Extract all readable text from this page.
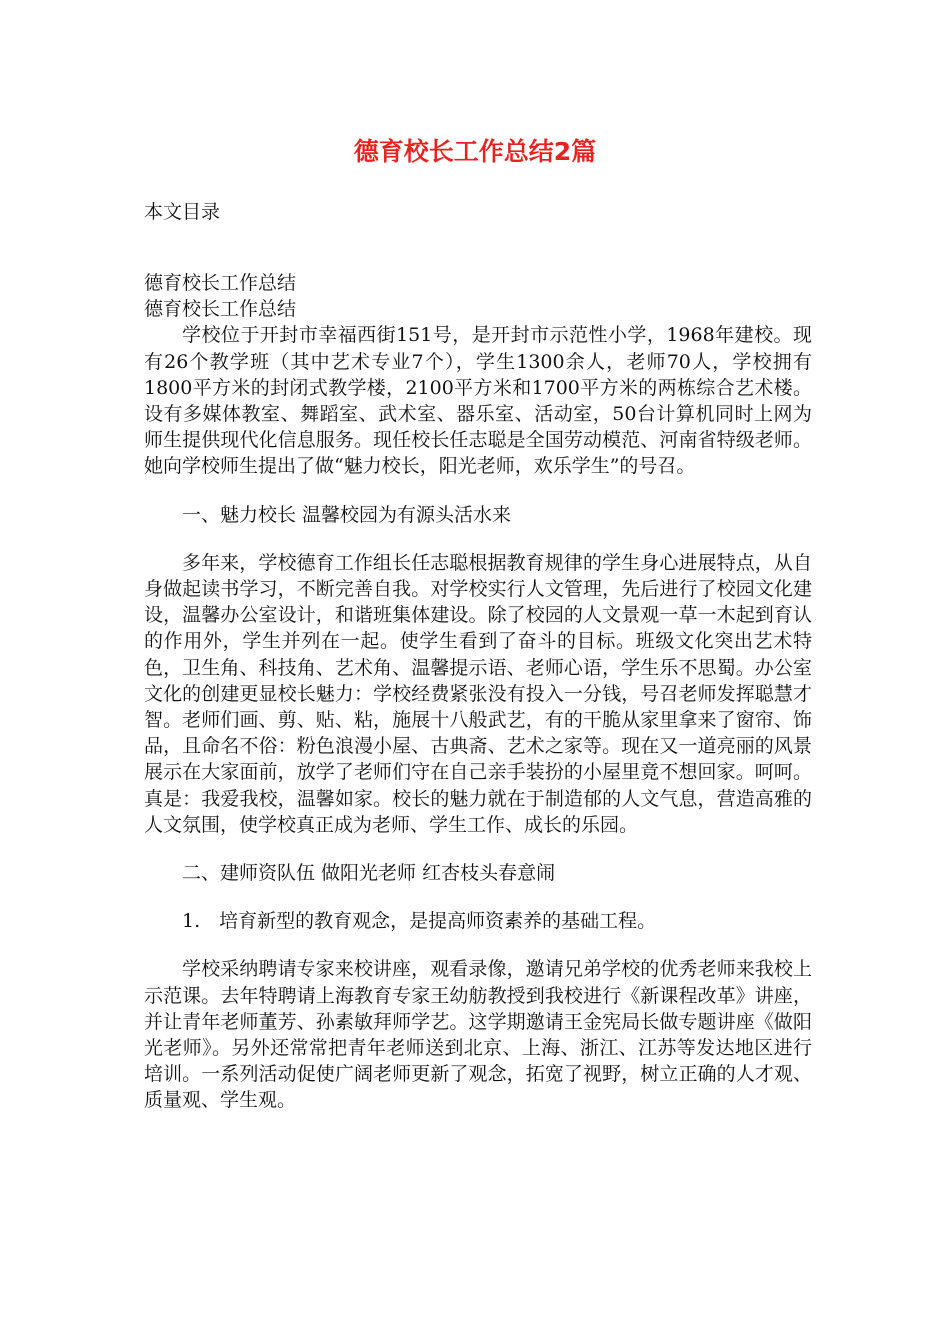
德育校长工作总结2篇
本文目录

德育校长工作总结

德育校长工作总结

学校位于开封市幸福西街151号，是开封市示范性小学，1968年建校。现有26个教学班（其中艺术专业7个），学生1300余人，老师70人，学校拥有1800平方米的封闭式教学楼，2100平方米和1700平方米的两栋综合艺术楼。设有多媒体教室、舞蹈室、武术室、器乐室、活动室，50台计算机同时上网为师生提供现代化信息服务。现任校长任志聪是全国劳动模范、河南省特级老师。她向学校师生提出了做“魅力校长，阳光老师，欢乐学生”的号召。

一、魅力校长 温馨校园为有源头活水来

多年来，学校德育工作组长任志聪根据教育规律的学生身心进展特点，从自身做起读书学习，不断完善自我。对学校实行人文管理，先后进行了校园文化建设，温馨办公室设计，和谐班集体建设。除了校园的人文景观一草一木起到育认的作用外，学生并列在一起。使学生看到了奋斗的目标。班级文化突出艺术特色，卫生角、科技角、艺术角、温馨提示语、老师心语，学生乐不思蜀。办公室文化的创建更显校长魅力：学校经费紧张没有投入一分钱，号召老师发挥聪慧才智。老师们画、剪、贴、粘，施展十八般武艺，有的干脆从家里拿来了窗帘、饰品，且命名不俗：粉色浪漫小屋、古典斋、艺术之家等。现在又一道亮丽的风景展示在大家面前，放学了老师们守在自己亲手装扮的小屋里竟不想回家。呵呵。真是：我爱我校，温馨如家。校长的魅力就在于制造郁的人文气息，营造高雅的人文氛围，使学校真正成为老师、学生工作、成长的乐园。

二、建师资队伍 做阳光老师 红杏枝头春意闹

1.　培育新型的教育观念，是提高师资素养的基础工程。

学校采纳聘请专家来校讲座，观看录像，邀请兄弟学校的优秀老师来我校上示范课。去年特聘请上海教育专家王幼舫教授到我校进行《新课程改革》讲座，并让青年老师董芳、孙素敏拜师学艺。这学期邀请王金宪局长做专题讲座《做阳光老师》。另外还常常把青年老师送到北京、上海、浙江、江苏等发达地区进行培训。一系列活动促使广阔老师更新了观念，拓宽了视野，树立正确的人才观、质量观、学生观。
